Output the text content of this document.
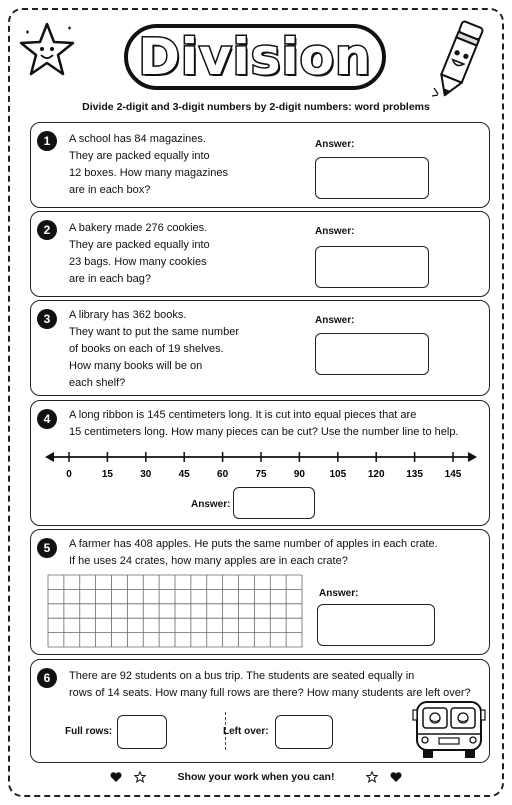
Division
Divide 2-digit and 3-digit numbers by 2-digit numbers: word problems
1	A school has 84 magazines.
They are packed equally into
12 boxes. How many magazines
are in each box?
Answer:
2	A bakery made 276 cookies.
They are packed equally into
23 bags. How many cookies
are in each bag?
Answer:
3	A library has 362 books.
They want to put the same number
of books on each of 19 shelves.
How many books will be on
each shelf?
Answer:
4	A long ribbon is 145 centimeters long. It is cut into equal pieces that are
15 centimeters long. How many pieces can be cut? Use the number line to help.
0	15	30	45	60	75	90 105 120 135 145
Answer:
5	A farmer has 408 apples. He puts the same number of apples in each crate.
If he uses 24 crates, how many apples are in each crate?
Answer:
6	There are 92 students on a bus trip. The students are seated equally in
rows of 14 seats. How many full rows are there? How many students are left over?
Full rows:	Left over:
Show your work when you can!
